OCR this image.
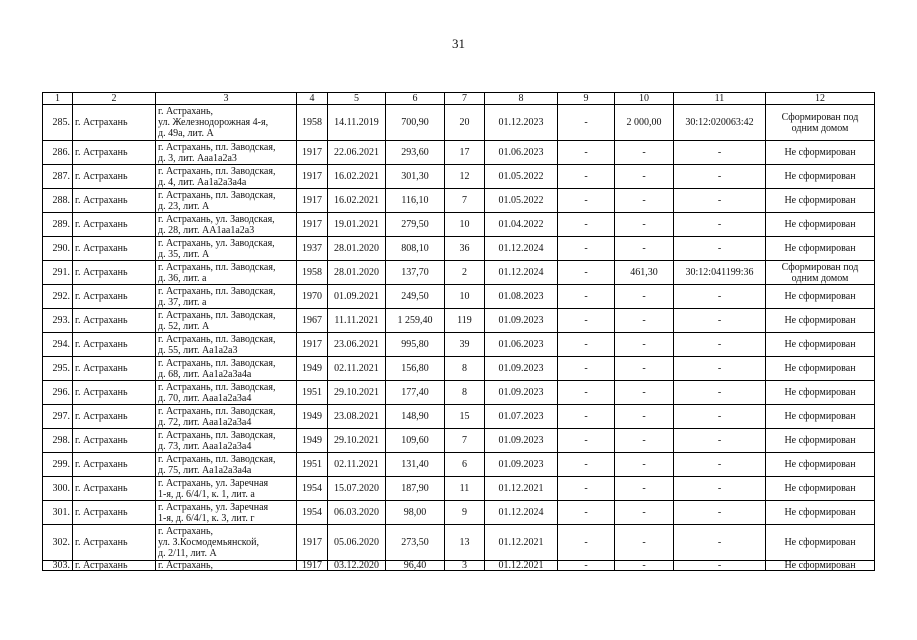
31
1	2	3	4	5	6	7	8	9	10	11	12
285.	г. Астрахань	г. Астрахань,
ул. Железнодорожная 4-я,
д. 49а, лит. А	1958	14.11.2019	700,90	20	01.12.2023	-	2 000,00	30:12:020063:42	Сформирован под
одним домом
286.	г. Астрахань	г. Астрахань, пл. Заводская,
д. 3, лит. Ааа1а2а3	1917	22.06.2021	293,60	17	01.06.2023	-	-	-	Не сформирован
287.	г. Астрахань	г. Астрахань, пл. Заводская,
д. 4, лит. Аа1а2а3а4а	1917	16.02.2021	301,30	12	01.05.2022	-	-	-	Не сформирован
288.	г. Астрахань	г. Астрахань, пл. Заводская,
д. 23, лит. А	1917	16.02.2021	116,10	7	01.05.2022	-	-	-	Не сформирован
289.	г. Астрахань	г. Астрахань, ул. Заводская,
д. 28, лит. АА1аа1а2а3	1917	19.01.2021	279,50	10	01.04.2022	-	-	-	Не сформирован
290.	г. Астрахань	г. Астрахань, ул. Заводская,
д. 35, лит. А	1937	28.01.2020	808,10	36	01.12.2024	-	-	-	Не сформирован
291.	г. Астрахань	г. Астрахань, пл. Заводская,
д. 36, лит. а	1958	28.01.2020	137,70	2	01.12.2024	-	461,30	30:12:041199:36	Сформирован под
одним домом
292.	г. Астрахань	г. Астрахань, пл. Заводская,
д. 37, лит. а	1970	01.09.2021	249,50	10	01.08.2023	-	-	-	Не сформирован
293.	г. Астрахань	г. Астрахань, пл. Заводская,
д. 52, лит. А	1967	11.11.2021	1 259,40	119	01.09.2023	-	-	-	Не сформирован
294.	г. Астрахань	г. Астрахань, пл. Заводская,
д. 55, лит. Аа1а2а3	1917	23.06.2021	995,80	39	01.06.2023	-	-	-	Не сформирован
295.	г. Астрахань	г. Астрахань, пл. Заводская,
д. 68, лит. Аа1а2а3а4а	1949	02.11.2021	156,80	8	01.09.2023	-	-	-	Не сформирован
296.	г. Астрахань	г. Астрахань, пл. Заводская,
д. 70, лит. Ааа1а2а3а4	1951	29.10.2021	177,40	8	01.09.2023	-	-	-	Не сформирован
297.	г. Астрахань	г. Астрахань, пл. Заводская,
д. 72, лит. Ааа1а2а3а4	1949	23.08.2021	148,90	15	01.07.2023	-	-	-	Не сформирован
298.	г. Астрахань	г. Астрахань, пл. Заводская,
д. 73, лит. Ааа1а2а3а4	1949	29.10.2021	109,60	7	01.09.2023	-	-	-	Не сформирован
299.	г. Астрахань	г. Астрахань, пл. Заводская,
д. 75, лит. Аа1а2а3а4а	1951	02.11.2021	131,40	6	01.09.2023	-	-	-	Не сформирован
300.	г. Астрахань	г. Астрахань, ул. Заречная
1-я, д. 6/4/1, к. 1, лит. а	1954	15.07.2020	187,90	11	01.12.2021	-	-	-	Не сформирован
301.	г. Астрахань	г. Астрахань, ул. Заречная
1-я, д. 6/4/1, к. 3, лит. г	1954	06.03.2020	98,00	9	01.12.2024	-	-	-	Не сформирован
302.	г. Астрахань	г. Астрахань,
ул. З.Космодемьянской,
д. 2/11, лит. А	1917	05.06.2020	273,50	13	01.12.2021	-	-	-	Не сформирован
303.	г. Астрахань	г. Астрахань,	1917	03.12.2020	96,40	3	01.12.2021	-	-	-	Не сформирован
